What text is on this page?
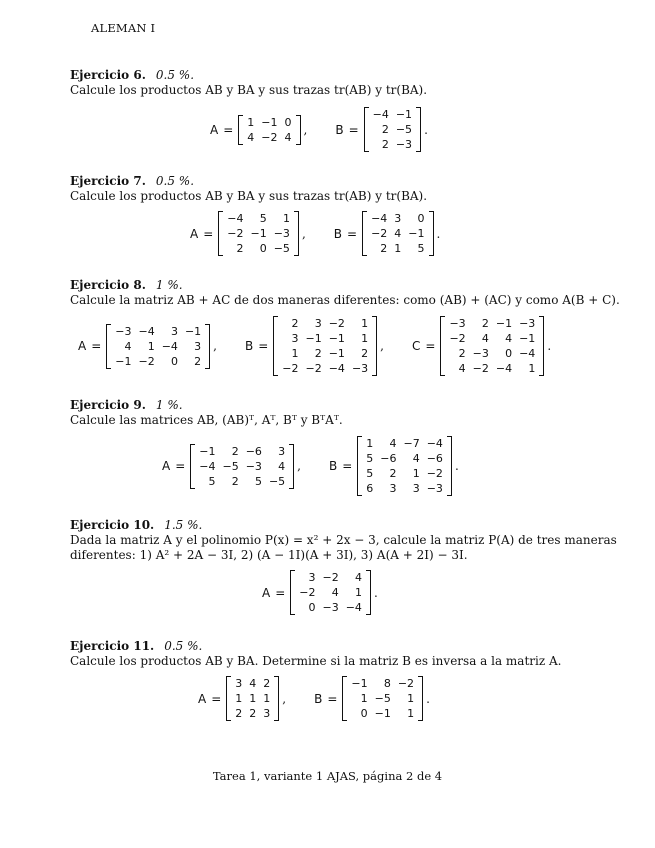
ALEMAN I
Ejercicio 6. 0.5 %.
Calcule los productos AB y BA y sus trazas tr(AB) y tr(BA).
A =
1 −1 0
4 −2 4
, B =
−4 −1
2 −5
2 −3
.
Ejercicio 7. 0.5 %.
Calcule los productos AB y BA y sus trazas tr(AB) y tr(BA).
A =
−4	5	1
−2 −1 −3
2	0 −5
, B =
−4 3	0
−2 4 −1
2 1	5
.
Ejercicio 8. 1 %.
Calcule la matriz AB + AC de dos maneras diferentes: como (AB) + (AC) y como A(B + C).
A =
−3 −4	3 −1
4	1 −4	3
−1 −2	0	2
, B =
2	3 −2	1
3 −1 −1	1
1	2 −1	2
−2 −2 −4 −3
, C =
−3	2 −1 −3
−2	4	4 −1
2 −3	0 −4
4 −2 −4	1
.
Ejercicio 9. 1 %.
Calcule las matrices AB, (AB)ᵀ, Aᵀ, Bᵀ y BᵀAᵀ.
A =
−1	2 −6	3
−4 −5 −3	4
5	2	5 −5
, B =
1	4 −7 −4
5 −6	4 −6
5	2	1 −2
6	3	3 −3
.
Ejercicio 10. 1.5 %.
Dada la matriz A y el polinomio P(x) = x² + 2x − 3, calcule la matriz P(A) de tres maneras
diferentes: 1) A² + 2A − 3I, 2) (A − 1I)(A + 3I), 3) A(A + 2I) − 3I.
A =
3 −2	4
−2	4	1
0 −3 −4
.
Ejercicio 11. 0.5 %.
Calcule los productos AB y BA. Determine si la matriz B es inversa a la matriz A.
A =
3 4 2
1 1 1
2 2 3
, B =
−1	8 −2
1 −5	1
0 −1	1
.
Tarea 1, variante 1 AJAS, página 2 de 4
